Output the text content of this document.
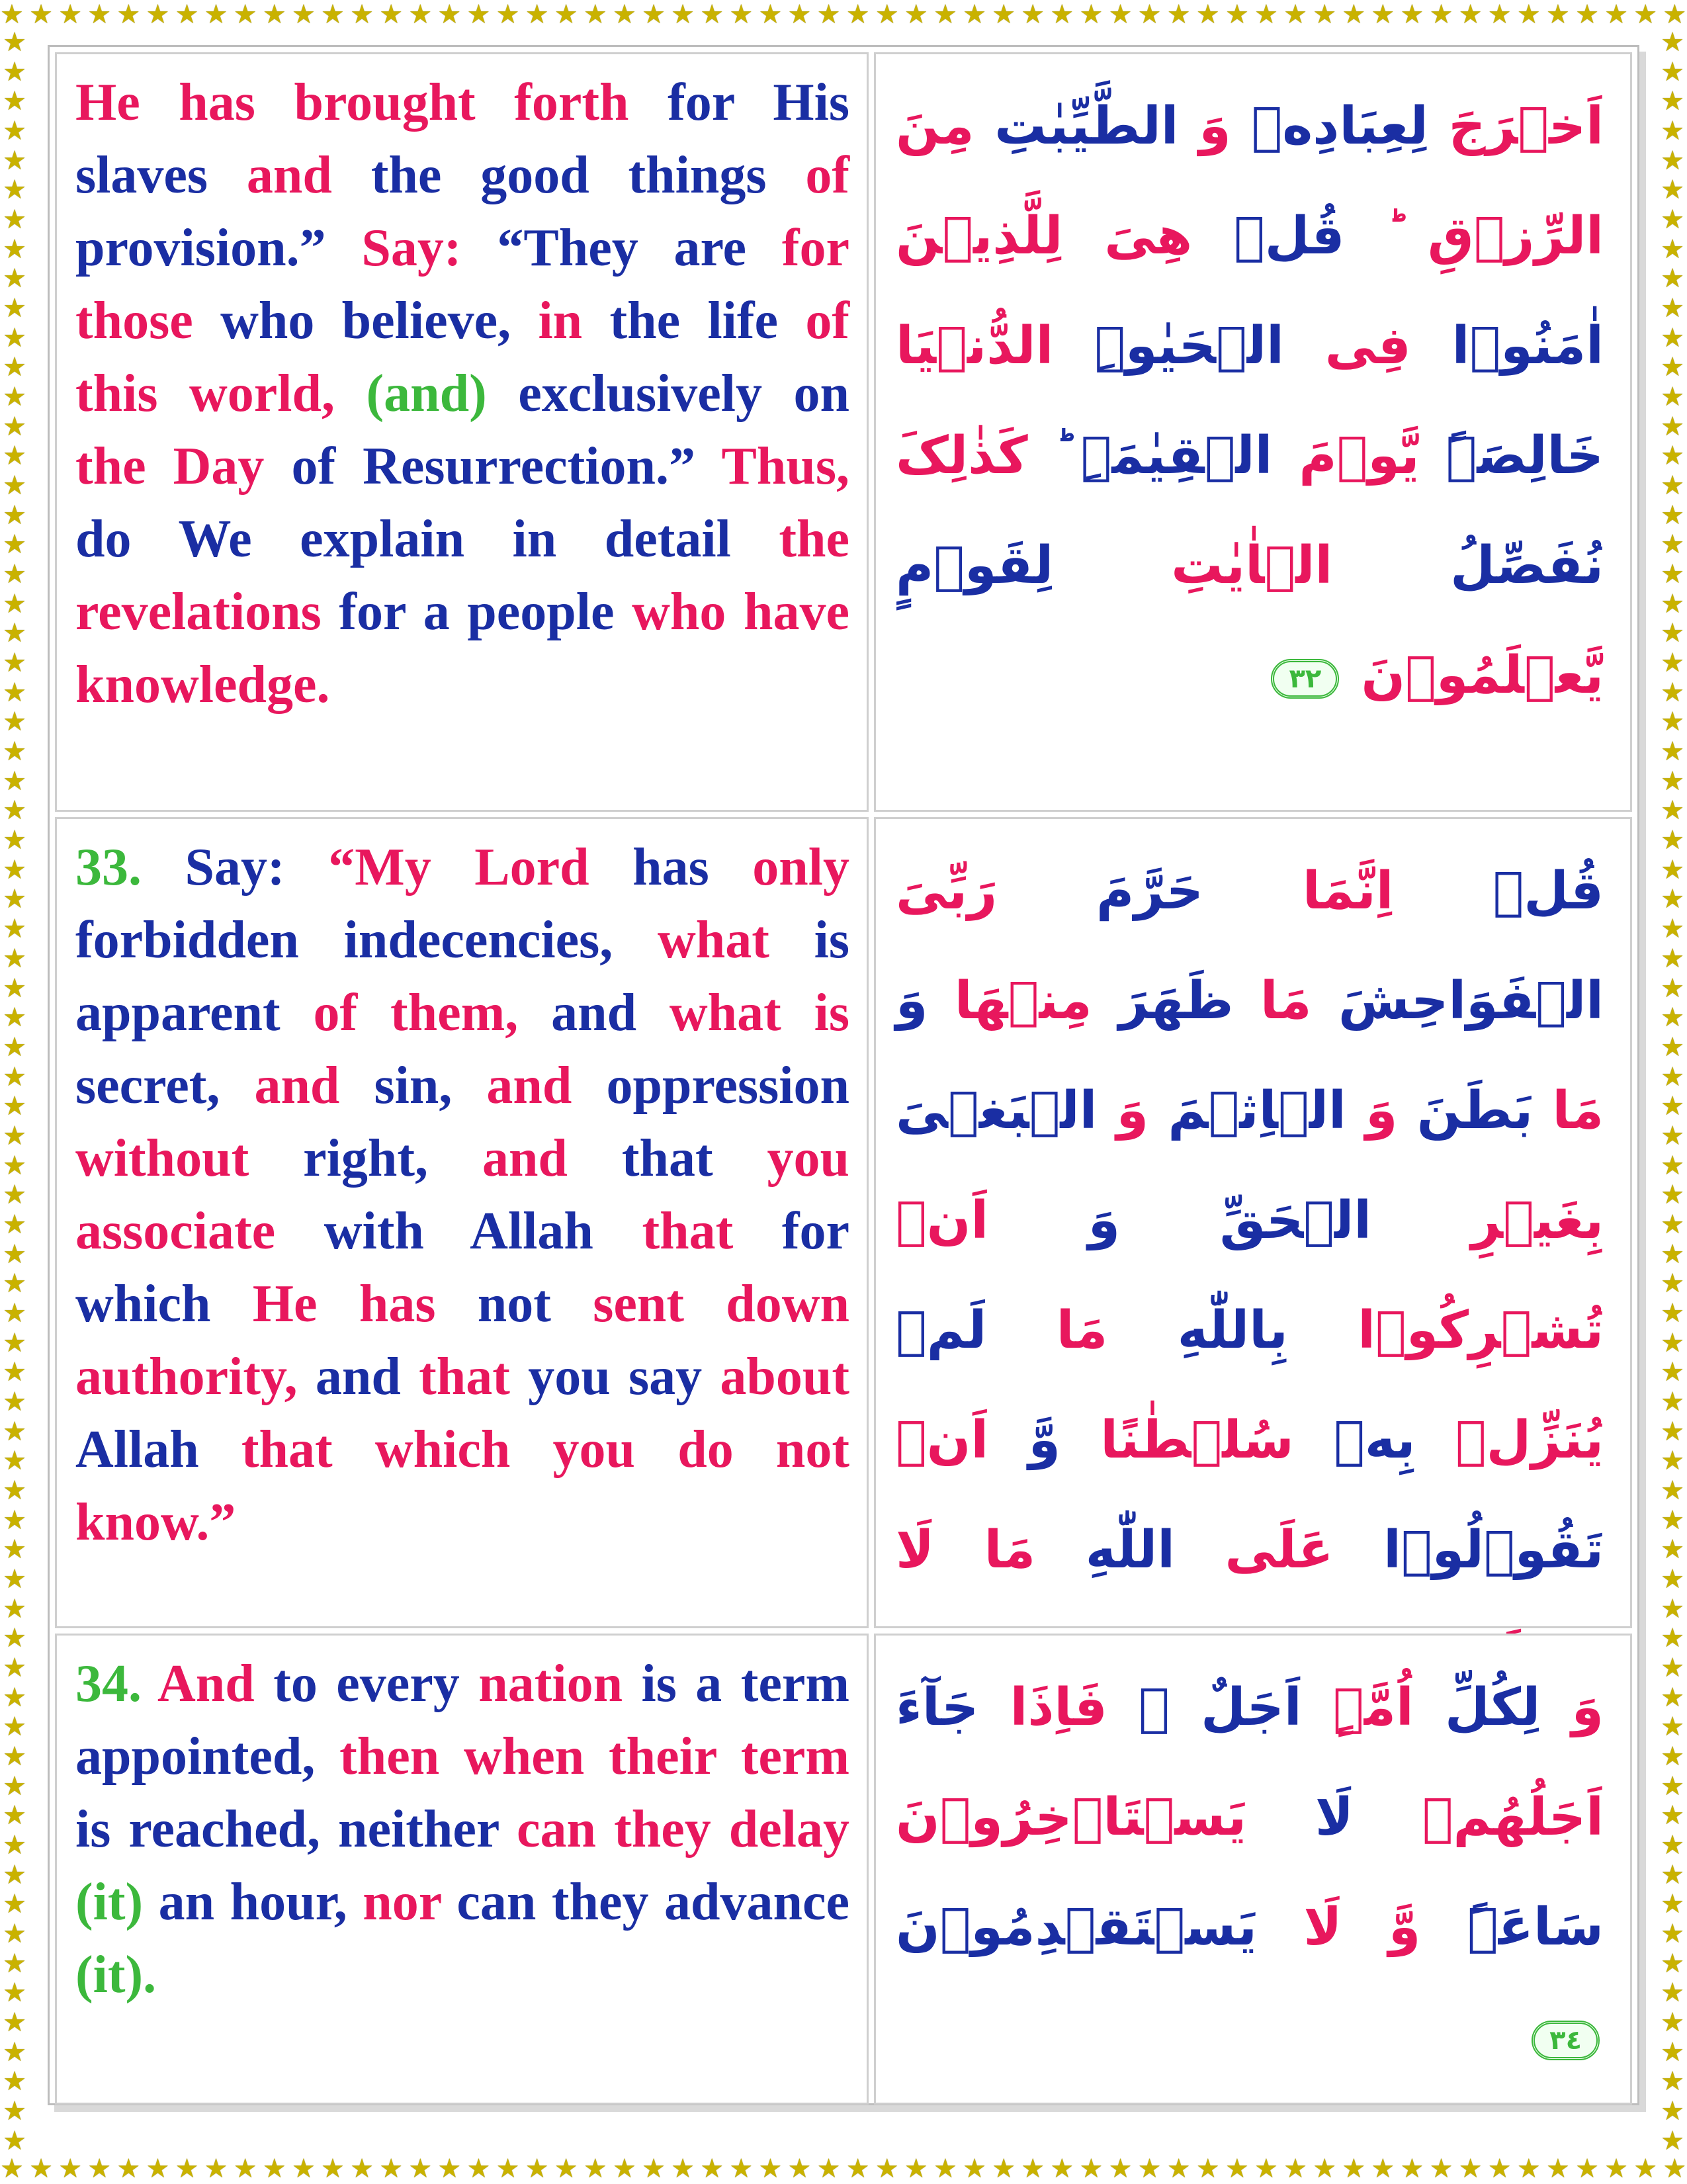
★ ★ ★ ★ ★ ★ ★ ★ ★ ★ ★ ★ ★ ★ ★ ★ ★ ★ ★ ★ ★ ★ ★ ★ ★ ★ ★ ★ ★ ★ ★ ★ ★ ★ ★ ★ ★ ★ ★ ★ ★ ★ ★ ★ ★ ★ ★ ★ ★ ★ ★ ★ ★ ★ ★ ★ ★ ★
★ ★ ★ ★ ★ ★ ★ ★ ★ ★ ★ ★ ★ ★ ★ ★ ★ ★ ★ ★ ★ ★ ★ ★ ★ ★ ★ ★ ★ ★ ★ ★ ★ ★ ★ ★ ★ ★ ★ ★ ★ ★ ★ ★ ★ ★ ★ ★ ★ ★ ★ ★ ★ ★ ★ ★ ★ ★
★
★
★
★
★
★
★
★
★
★
★
★
★
★
★
★
★
★
★
★
★
★
★
★
★
★
★
★
★
★
★
★
★
★
★
★
★
★
★
★
★
★
★
★
★
★
★
★
★
★
★
★
★
★
★
★
★
★
★
★
★
★
★
★
★
★
★
★
★
★
★
★
★
★
★
★
★
★
★
★
★
★
★
★
★
★
★
★
★
★
★
★
★
★
★
★
★
★
★
★
★
★
★
★
★
★
★
★
★
★
★
★
★
★
★
★
★
★
★
★
★
★
★
★
★
★
★
★
★
★
★
★
★
★
★
★
★
★
★
★
★
★
★
★
He has brought forth for His slaves and the good things of provision.” Say: “They are for those who believe, in the life of this world, (and) exclusively on the Day of Resurrection.” Thus, do We explain in detail the revelations for a people who have knowledge.
اَخۡرَجَ لِعِبَادِهٖ وَ الطَّیِّبٰتِ مِنَ الرِّزۡقِ ؕ قُلۡ هِیَ لِلَّذِیۡنَ اٰمَنُوۡا فِی الۡحَیٰوۃِ الدُّنۡیَا خَالِصَۃً یَّوۡمَ الۡقِیٰمَۃِ ؕ کَذٰلِکَ نُفَصِّلُ الۡاٰیٰتِ لِقَوۡمٍ یَّعۡلَمُوۡنَ ٣٢
33. Say: “My Lord has only forbidden indecencies, what is apparent of them, and what is secret, and sin, and oppression without right, and that you associate with Allah that for which He has not sent down authority, and that you say about Allah that which you do not know.”
قُلۡ اِنَّمَا حَرَّمَ رَبِّیَ الۡفَوَاحِشَ مَا ظَهَرَ مِنۡهَا وَ مَا بَطَنَ وَ الۡاِثۡمَ وَ الۡبَغۡیَ بِغَیۡرِ الۡحَقِّ وَ اَنۡ تُشۡرِکُوۡا بِاللّٰهِ مَا لَمۡ یُنَزِّلۡ بِهٖ سُلۡطٰنًا وَّ اَنۡ تَقُوۡلُوۡا عَلَی اللّٰهِ مَا لَا
34. And to every nation is a term appointed, then when their term is reached, neither can they delay (it) an hour, nor can they advance (it).
وَ لِکُلِّ اُمَّۃٍ اَجَلٌ ۚ فَاِذَا جَآءَ اَجَلُهُمۡ لَا یَسۡتَاۡخِرُوۡنَ سَاعَۃً وَّ لَا یَسۡتَقۡدِمُوۡنَ ٣٤
